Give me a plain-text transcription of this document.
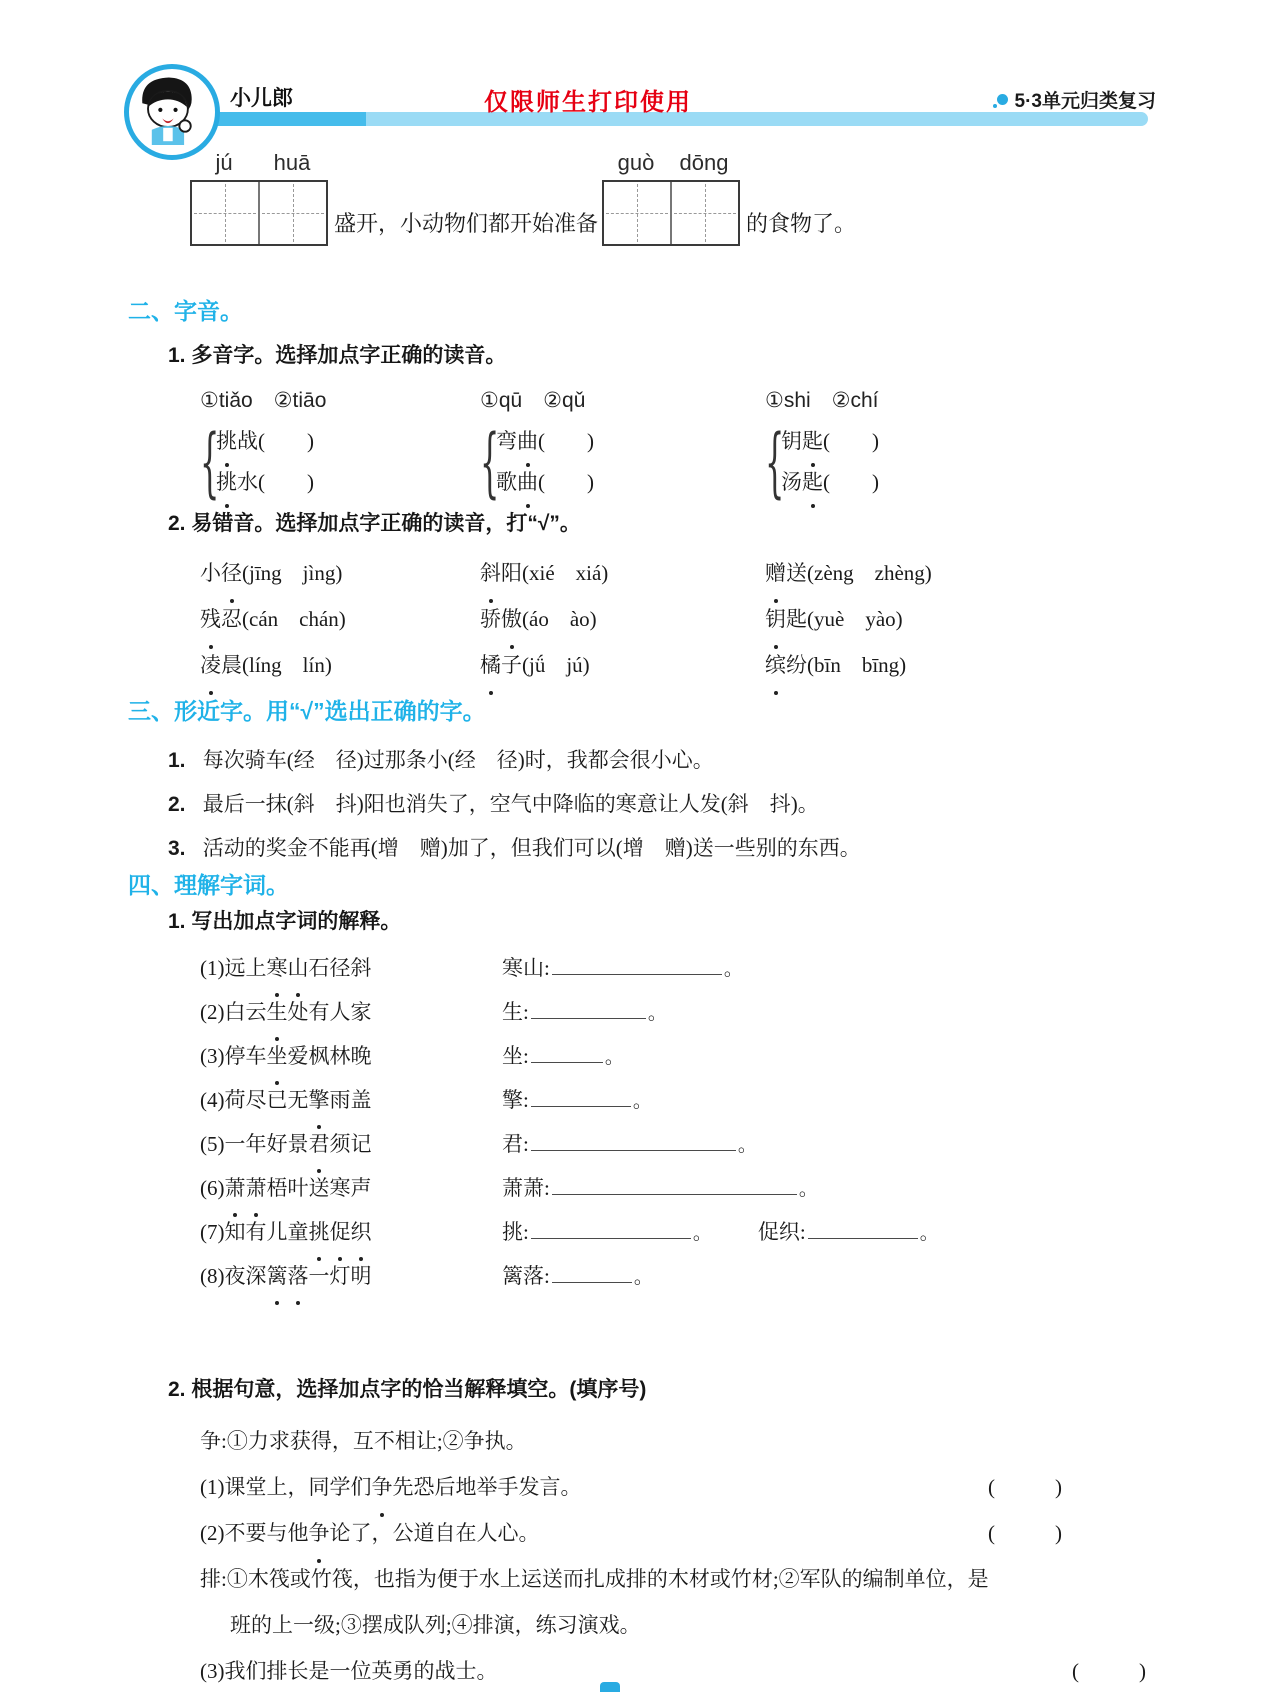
小儿郎	仅限师生打印使用	5·3单元归类复习
jú	huā
盛开，小动物们都开始准备
guò	dōng
的食物了。
二、字音。
1. 多音字。选择加点字正确的读音。
①tiǎo　②tiāo
{
挑战(　　)
挑水(　　)
①qū　②qǔ
{
弯曲(　　)
歌曲(　　)
①shi　②chí
{
钥匙(　　)
汤匙(　　)
2. 易错音。选择加点字正确的读音，打“√”。
小径(jīng　jìng)	斜阳(xié　xiá)	赠送(zèng　zhèng)
残忍(cán　chán)	骄傲(áo　ào)	钥匙(yuè　yào)
凌晨(líng　lín)	橘子(jǘ　jú)	缤纷(bīn　bīng)
三、形近字。用“√”选出正确的字。
1. 每次骑车(经　径)过那条小(经　径)时，我都会很小心。
2. 最后一抹(斜　抖)阳也消失了，空气中降临的寒意让人发(斜　抖)。
3. 活动的奖金不能再(增　赠)加了，但我们可以(增　赠)送一些别的东西。
四、理解字词。
1. 写出加点字词的解释。
(1)远上寒山石径斜	寒山:	。
(2)白云生处有人家	生:	。
(3)停车坐爱枫林晚	坐:	。
(4)荷尽已无擎雨盖	擎:	。
(5)一年好景君须记	君:	。
(6)萧萧梧叶送寒声	萧萧:	。
(7)知有儿童挑促织	挑:	。 促织:	。
(8)夜深篱落一灯明	篱落:	。
2. 根据句意，选择加点字的恰当解释填空。(填序号)
争:①力求获得，互不相让;②争执。
(1)课堂上，同学们争先恐后地举手发言。	(　　)
(2)不要与他争论了，公道自在人心。	(　　)
排:①木筏或竹筏，也指为便于水上运送而扎成排的木材或竹材;②军队的编制单位，是
班的上一级;③摆成队列;④排演，练习演戏。
(3)我们排长是一位英勇的战士。	(　　)
